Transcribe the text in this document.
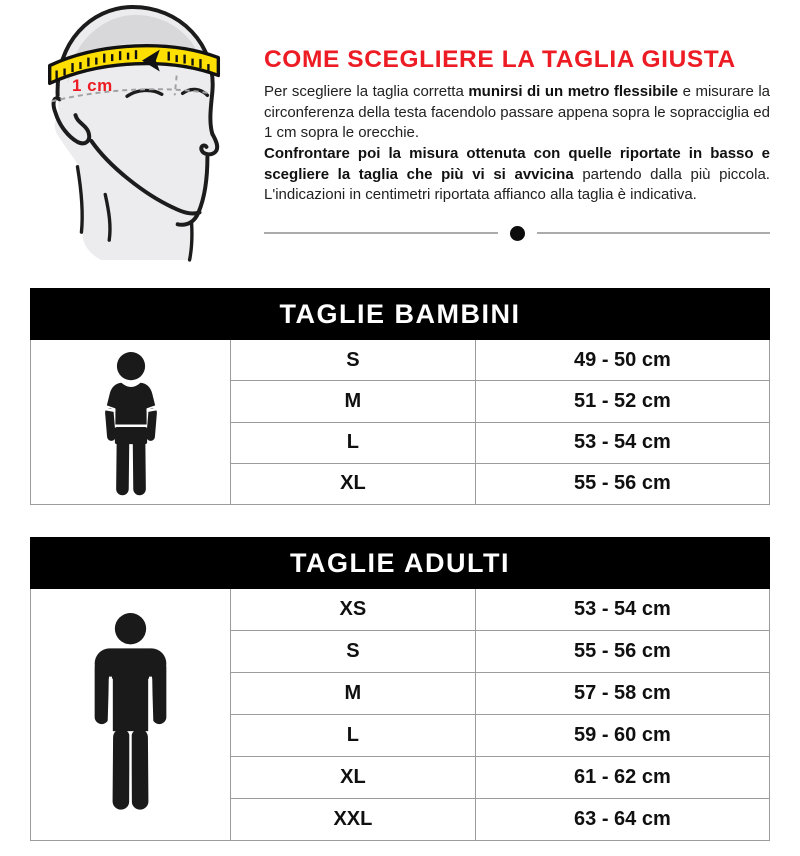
1 cm
COME SCEGLIERE LA TAGLIA GIUSTA

Per scegliere la taglia corretta munirsi di un metro flessibile e misurare la circonferenza della testa facendolo passare appena sopra le sopracciglia ed 1 cm sopra le orecchie.

Confrontare poi la misura ottenuta con quelle riportate in basso e scegliere la taglia che più vi si avvicina partendo dalla più piccola. L'indicazioni in centimetri riportata affianco alla taglia è indicativa.

TAGLIE BAMBINI
S	49 - 50 cm
M	51 - 52 cm
L	53 - 54 cm
XL	55 - 56 cm
TAGLIE ADULTI
XS	53 - 54 cm
S	55 - 56 cm
M	57 - 58 cm
L	59 - 60 cm
XL	61 - 62 cm
XXL	63 - 64 cm
